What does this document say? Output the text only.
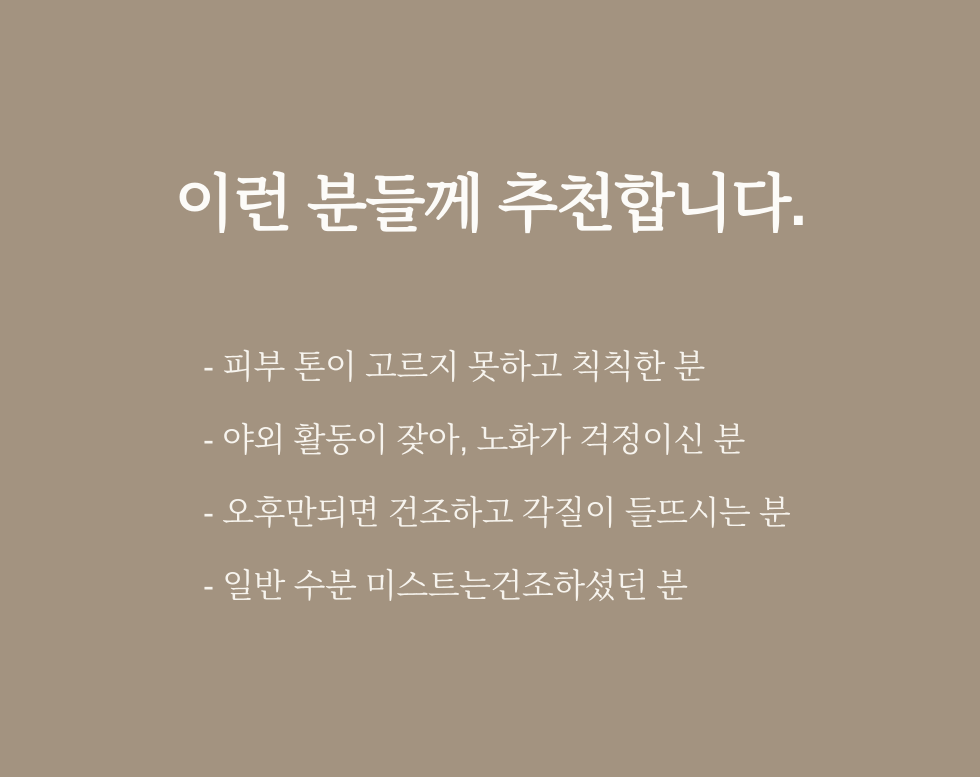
이런 분들께 추천합니다.
- 피부 톤이 고르지 못하고 칙칙한 분
- 야외 활동이 잦아, 노화가 걱정이신 분
- 오후만되면 건조하고 각질이 들뜨시는 분
- 일반 수분 미스트는건조하셨던 분
